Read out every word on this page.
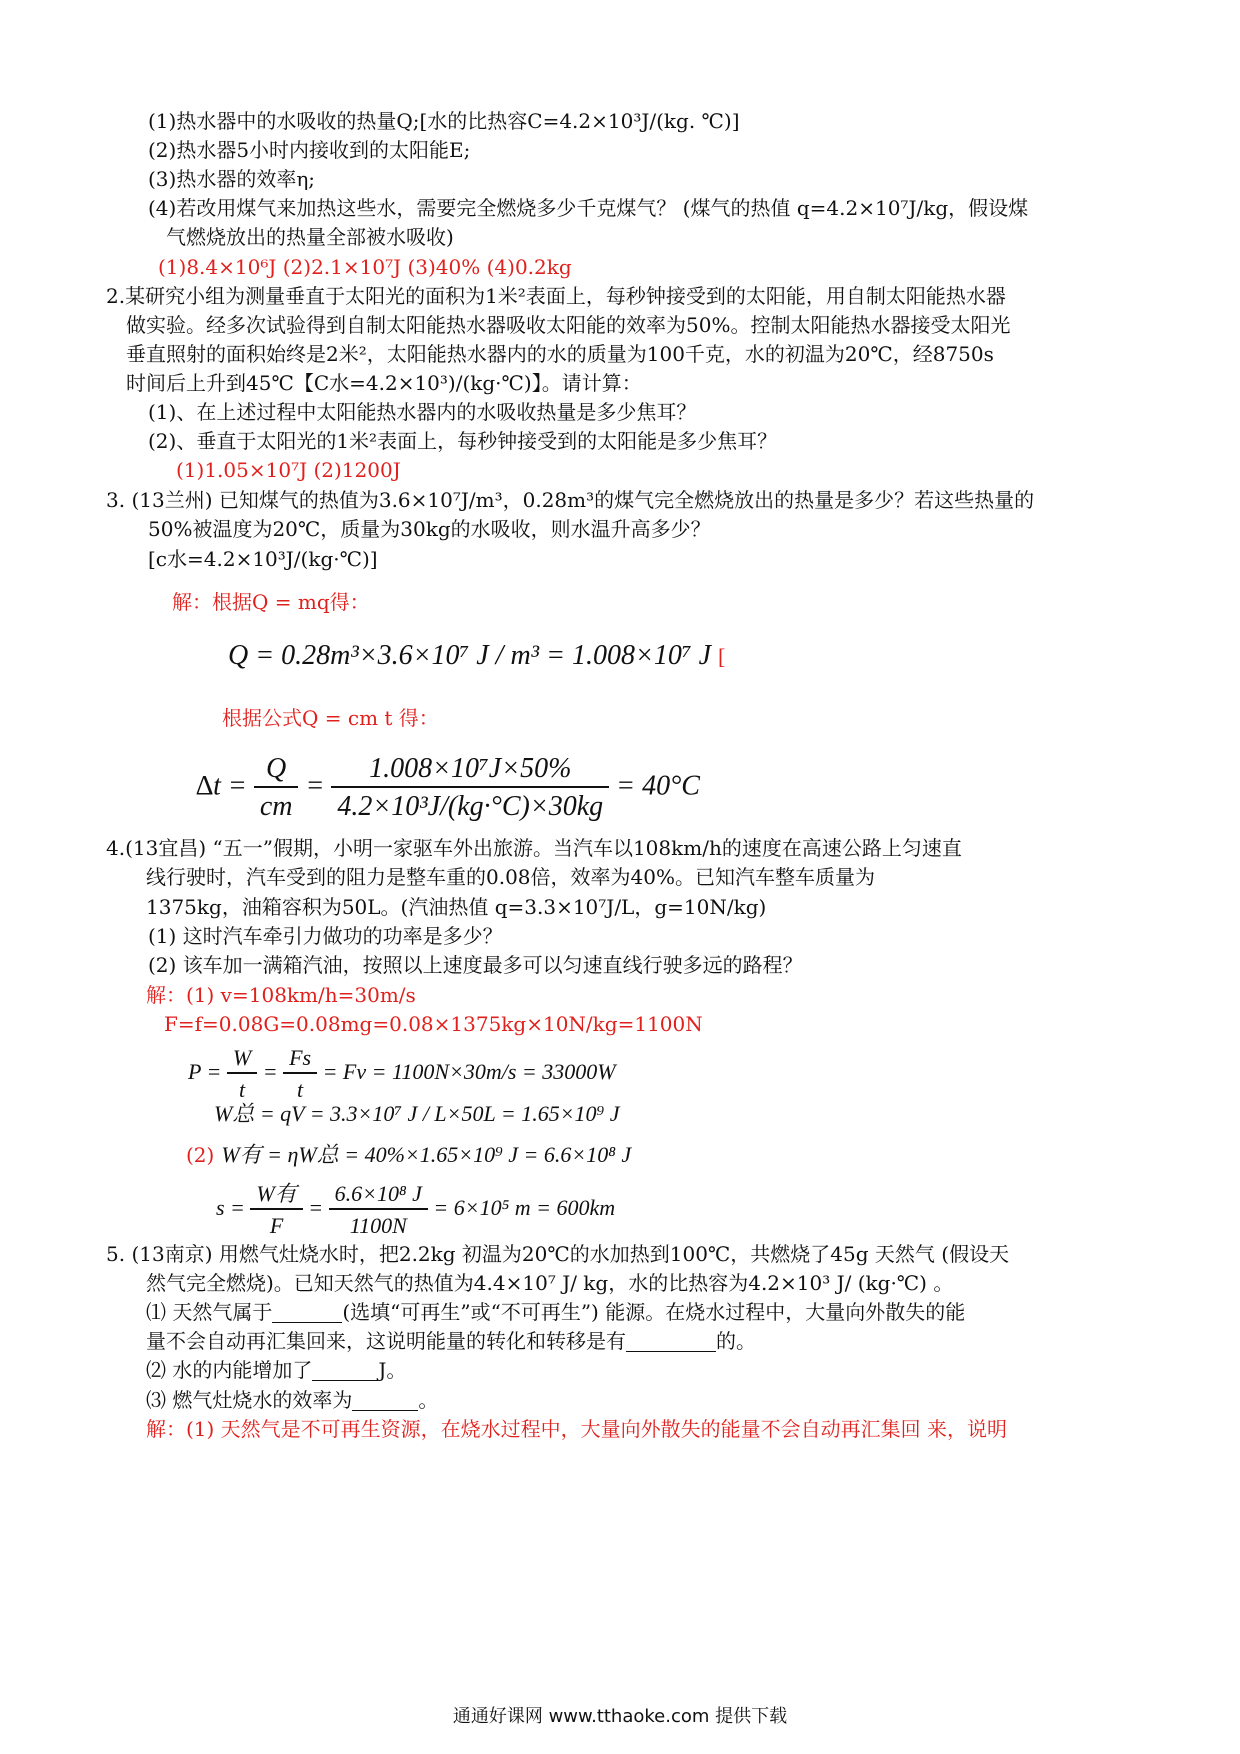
(1)热水器中的水吸收的热量Q;[水的比热容C=4.2×10³J/(kg. ℃)]
(2)热水器5小时内接收到的太阳能E;
(3)热水器的效率η;
(4)若改用煤气来加热这些水，需要完全燃烧多少千克煤气？ (煤气的热值 q=4.2×10⁷J/kg，假设煤
气燃烧放出的热量全部被水吸收)
(1)8.4×10⁶J (2)2.1×10⁷J (3)40% (4)0.2kg
2.某研究小组为测量垂直于太阳光的面积为1米²表面上，每秒钟接受到的太阳能，用自制太阳能热水器
做实验。经多次试验得到自制太阳能热水器吸收太阳能的效率为50%。控制太阳能热水器接受太阳光
垂直照射的面积始终是2米²，太阳能热水器内的水的质量为100千克，水的初温为20℃，经8750s
时间后上升到45℃【C水=4.2×10³)/(kg·℃)】。请计算：
(1)、在上述过程中太阳能热水器内的水吸收热量是多少焦耳？
(2)、垂直于太阳光的1米²表面上，每秒钟接受到的太阳能是多少焦耳？
(1)1.05×10⁷J (2)1200J
3. (13兰州) 已知煤气的热值为3.6×10⁷J/m³，0.28m³的煤气完全燃烧放出的热量是多少？若这些热量的
50%被温度为20℃，质量为30kg的水吸收，则水温升高多少？
[c水=4.2×10³J/(kg·℃)]
解：根据Q = mq得：
Q = 0.28m³×3.6×10⁷ J / m³ = 1.008×10⁷ J [
根据公式Q = cm t 得：
$\Delta t = \frac{Q}{cm} = \frac{\text{1.008×10⁷J×50\%}}{\text{4.2×10³J/(kg·°C)×30kg}} = 40^\circ C$
4.(13宜昌) “五一”假期，小明一家驱车外出旅游。当汽车以108km/h的速度在高速公路上匀速直
线行驶时，汽车受到的阻力是整车重的0.08倍，效率为40%。已知汽车整车质量为
1375kg，油箱容积为50L。(汽油热值 q=3.3×10⁷J/L，g=10N/kg)
(1) 这时汽车牵引力做功的功率是多少？
(2) 该车加一满箱汽油，按照以上速度最多可以匀速直线行驶多远的路程？
解：(1) v=108km/h=30m/s
F=f=0.08G=0.08mg=0.08×1375kg×10N/kg=1100N
$P = \frac{W}{t} = \frac{Fs}{t} = Fv = 1100N\times 30m/s = 33000W$
W总 = qV = 3.3×10⁷ J / L×50L = 1.65×10⁹ J
(2) W有 = ηW总 = 40%×1.65×10⁹ J = 6.6×10⁸ J
$s = \frac{\text{W有}}{F} = \frac{\text{6.6×10⁸ J}}{1100N} = 6\times 10^5$ m = 600km
5. (13南京) 用燃气灶烧水时，把2.2kg 初温为20℃的水加热到100℃，共燃烧了45g 天然气 (假设天
然气完全燃烧)。已知天然气的热值为4.4×10⁷ J/ kg，水的比热容为4.2×10³ J/ (kg·℃) 。
⑴ 天然气属于	(选填“可再生”或“不可再生”) 能源。在烧水过程中，大量向外散失的能
量不会自动再汇集回来，这说明能量的转化和转移是有	的。
⑵ 水的内能增加了	J。
⑶ 燃气灶烧水的效率为	。
解：(1) 天然气是不可再生资源，在烧水过程中，大量向外散失的能量不会自动再汇集回 来，说明
通通好课网 www.tthaoke.com 提供下载
